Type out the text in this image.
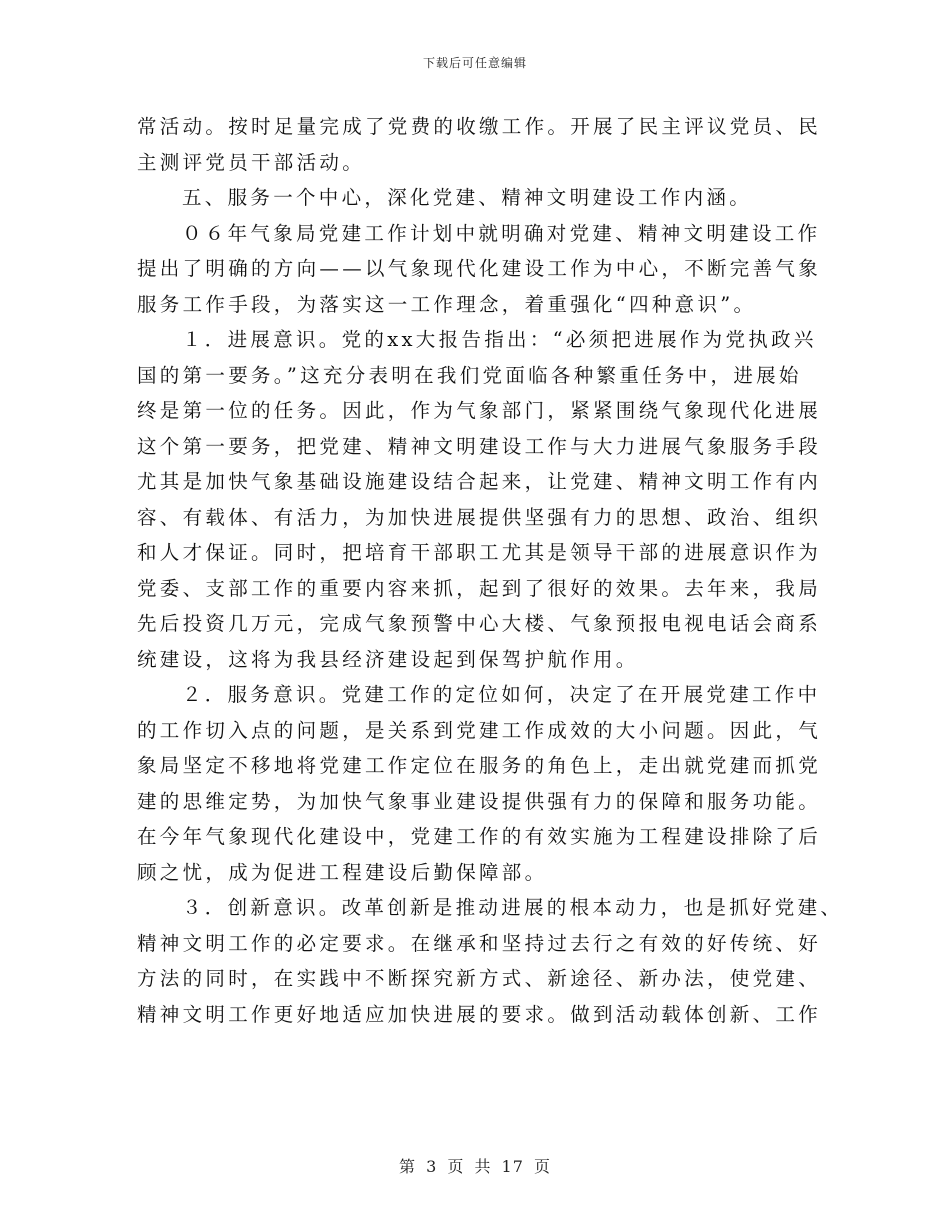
下载后可任意编辑
常活动。按时足量完成了党费的收缴工作。开展了民主评议党员、民
主测评党员干部活动。
五、服务一个中心，深化党建、精神文明建设工作内涵。
０６年气象局党建工作计划中就明确对党建、精神文明建设工作
提出了明确的方向——以气象现代化建设工作为中心，不断完善气象
服务工作手段，为落实这一工作理念，着重强化“四种意识”。
１．进展意识。党的xx大报告指出：“必须把进展作为党执政兴
国的第一要务。”这充分表明在我们党面临各种繁重任务中，进展始
终是第一位的任务。因此，作为气象部门，紧紧围绕气象现代化进展
这个第一要务，把党建、精神文明建设工作与大力进展气象服务手段
尤其是加快气象基础设施建设结合起来，让党建、精神文明工作有内
容、有载体、有活力，为加快进展提供坚强有力的思想、政治、组织
和人才保证。同时，把培育干部职工尤其是领导干部的进展意识作为
党委、支部工作的重要内容来抓，起到了很好的效果。去年来，我局
先后投资几万元，完成气象预警中心大楼、气象预报电视电话会商系
统建设，这将为我县经济建设起到保驾护航作用。
２．服务意识。党建工作的定位如何，决定了在开展党建工作中
的工作切入点的问题，是关系到党建工作成效的大小问题。因此，气
象局坚定不移地将党建工作定位在服务的角色上，走出就党建而抓党
建的思维定势，为加快气象事业建设提供强有力的保障和服务功能。
在今年气象现代化建设中，党建工作的有效实施为工程建设排除了后
顾之忧，成为促进工程建设后勤保障部。
３．创新意识。改革创新是推动进展的根本动力，也是抓好党建、
精神文明工作的必定要求。在继承和坚持过去行之有效的好传统、好
方法的同时，在实践中不断探究新方式、新途径、新办法，使党建、
精神文明工作更好地适应加快进展的要求。做到活动载体创新、工作
第 3 页 共 17 页
